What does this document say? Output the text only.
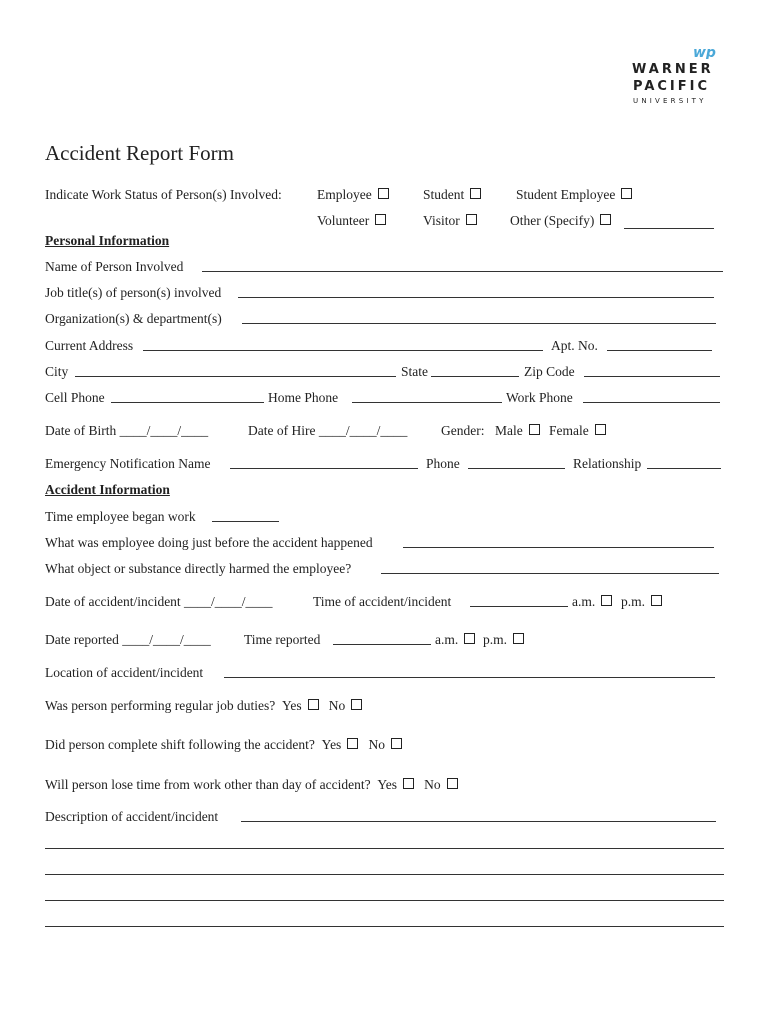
wp
WARNER
PACIFIC
UNIVERSITY
Accident Report Form
Indicate Work Status of Person(s) Involved:	Employee	Student	Student Employee
Volunteer	Visitor	Other (Specify)
Personal Information
Name of Person Involved
Job title(s) of person(s) involved
Organization(s) & department(s)
Current Address	Apt. No.
City	State	Zip Code
Cell Phone	Home Phone	Work Phone
Date of Birth ____/____/____	Date of Hire ____/____/____ Gender: Male	Female
Emergency Notification Name	Phone	Relationship
Accident Information
Time employee began work
What was employee doing just before the accident happened
What object or substance directly harmed the employee?
Date of accident/incident ____/____/____	Time of accident/incident	a.m.	p.m.
Date reported ____/____/____ Time reported	a.m.	p.m.
Location of accident/incident
Was person performing regular job duties? Yes No
Did person complete shift following the accident? Yes No
Will person lose time from work other than day of accident? Yes No
Description of accident/incident
